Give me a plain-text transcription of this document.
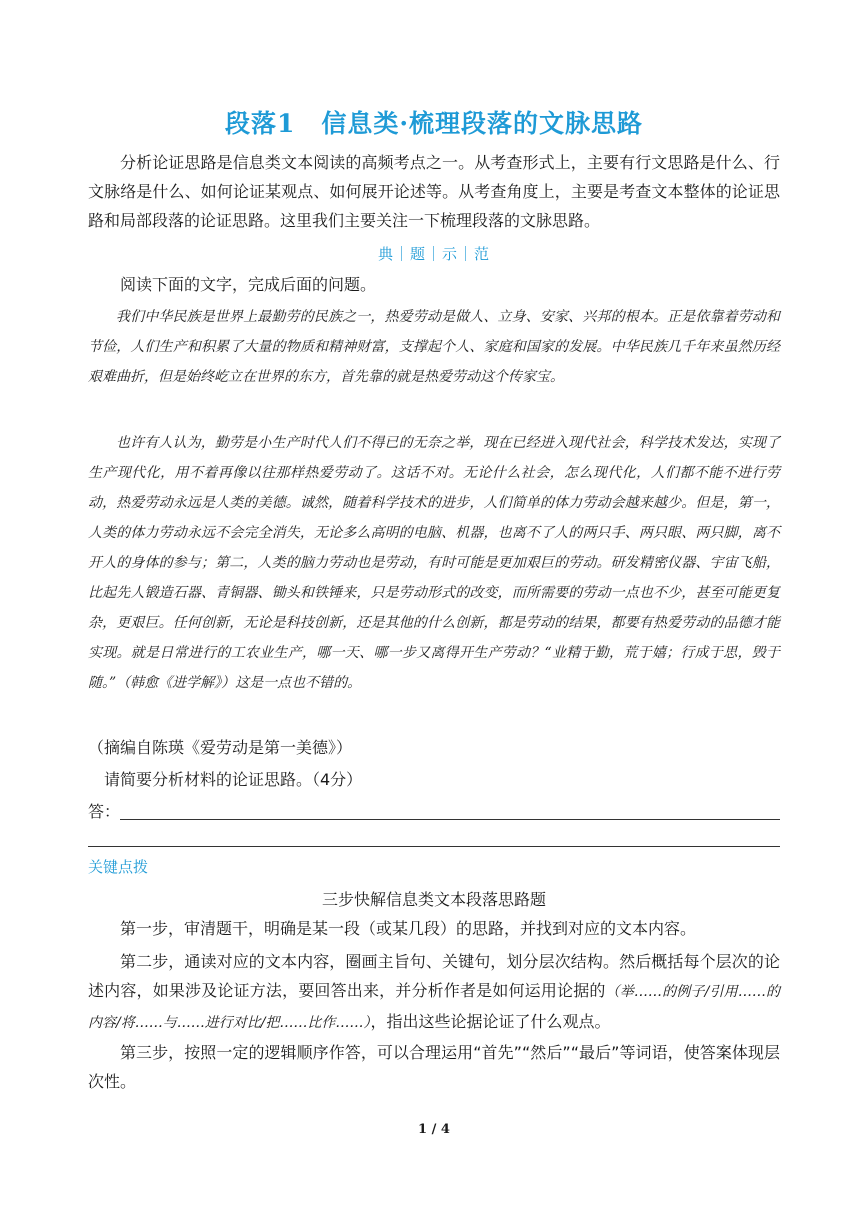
段落1　信息类·梳理段落的文脉思路
分析论证思路是信息类文本阅读的高频考点之一。从考查形式上，主要有行文思路是什么、行文脉络是什么、如何论证某观点、如何展开论述等。从考查角度上，主要是考查文本整体的论证思路和局部段落的论证思路。这里我们主要关注一下梳理段落的文脉思路。
典｜题｜示｜范
阅读下面的文字，完成后面的问题。
我们中华民族是世界上最勤劳的民族之一，热爱劳动是做人、立身、安家、兴邦的根本。正是依靠着劳动和节俭，人们生产和积累了大量的物质和精神财富，支撑起个人、家庭和国家的发展。中华民族几千年来虽然历经艰难曲折，但是始终屹立在世界的东方，首先靠的就是热爱劳动这个传家宝。
也许有人认为，勤劳是小生产时代人们不得已的无奈之举，现在已经进入现代社会，科学技术发达，实现了生产现代化，用不着再像以往那样热爱劳动了。这话不对。无论什么社会，怎么现代化，人们都不能不进行劳动，热爱劳动永远是人类的美德。诚然，随着科学技术的进步，人们简单的体力劳动会越来越少。但是，第一，人类的体力劳动永远不会完全消失，无论多么高明的电脑、机器，也离不了人的两只手、两只眼、两只脚，离不开人的身体的参与；第二，人类的脑力劳动也是劳动，有时可能是更加艰巨的劳动。研发精密仪器、宇宙飞船，比起先人锻造石器、青铜器、锄头和铁锤来，只是劳动形式的改变，而所需要的劳动一点也不少，甚至可能更复杂，更艰巨。任何创新，无论是科技创新，还是其他的什么创新，都是劳动的结果，都要有热爱劳动的品德才能实现。就是日常进行的工农业生产，哪一天、哪一步又离得开生产劳动？“业精于勤，荒于嬉；行成于思，毁于随。”（韩愈《进学解》）这是一点也不错的。
（摘编自陈瑛《爱劳动是第一美德》）
请简要分析材料的论证思路。（4分）
答：
关键点拨
三步快解信息类文本段落思路题
第一步，审清题干，明确是某一段（或某几段）的思路，并找到对应的文本内容。
第二步，通读对应的文本内容，圈画主旨句、关键句，划分层次结构。然后概括每个层次的论述内容，如果涉及论证方法，要回答出来，并分析作者是如何运用论据的（举……的例子/引用……的内容/将……与……进行对比/把……比作……），指出这些论据论证了什么观点。
第三步，按照一定的逻辑顺序作答，可以合理运用“首先”“然后”“最后”等词语，使答案体现层次性。
1 / 4
